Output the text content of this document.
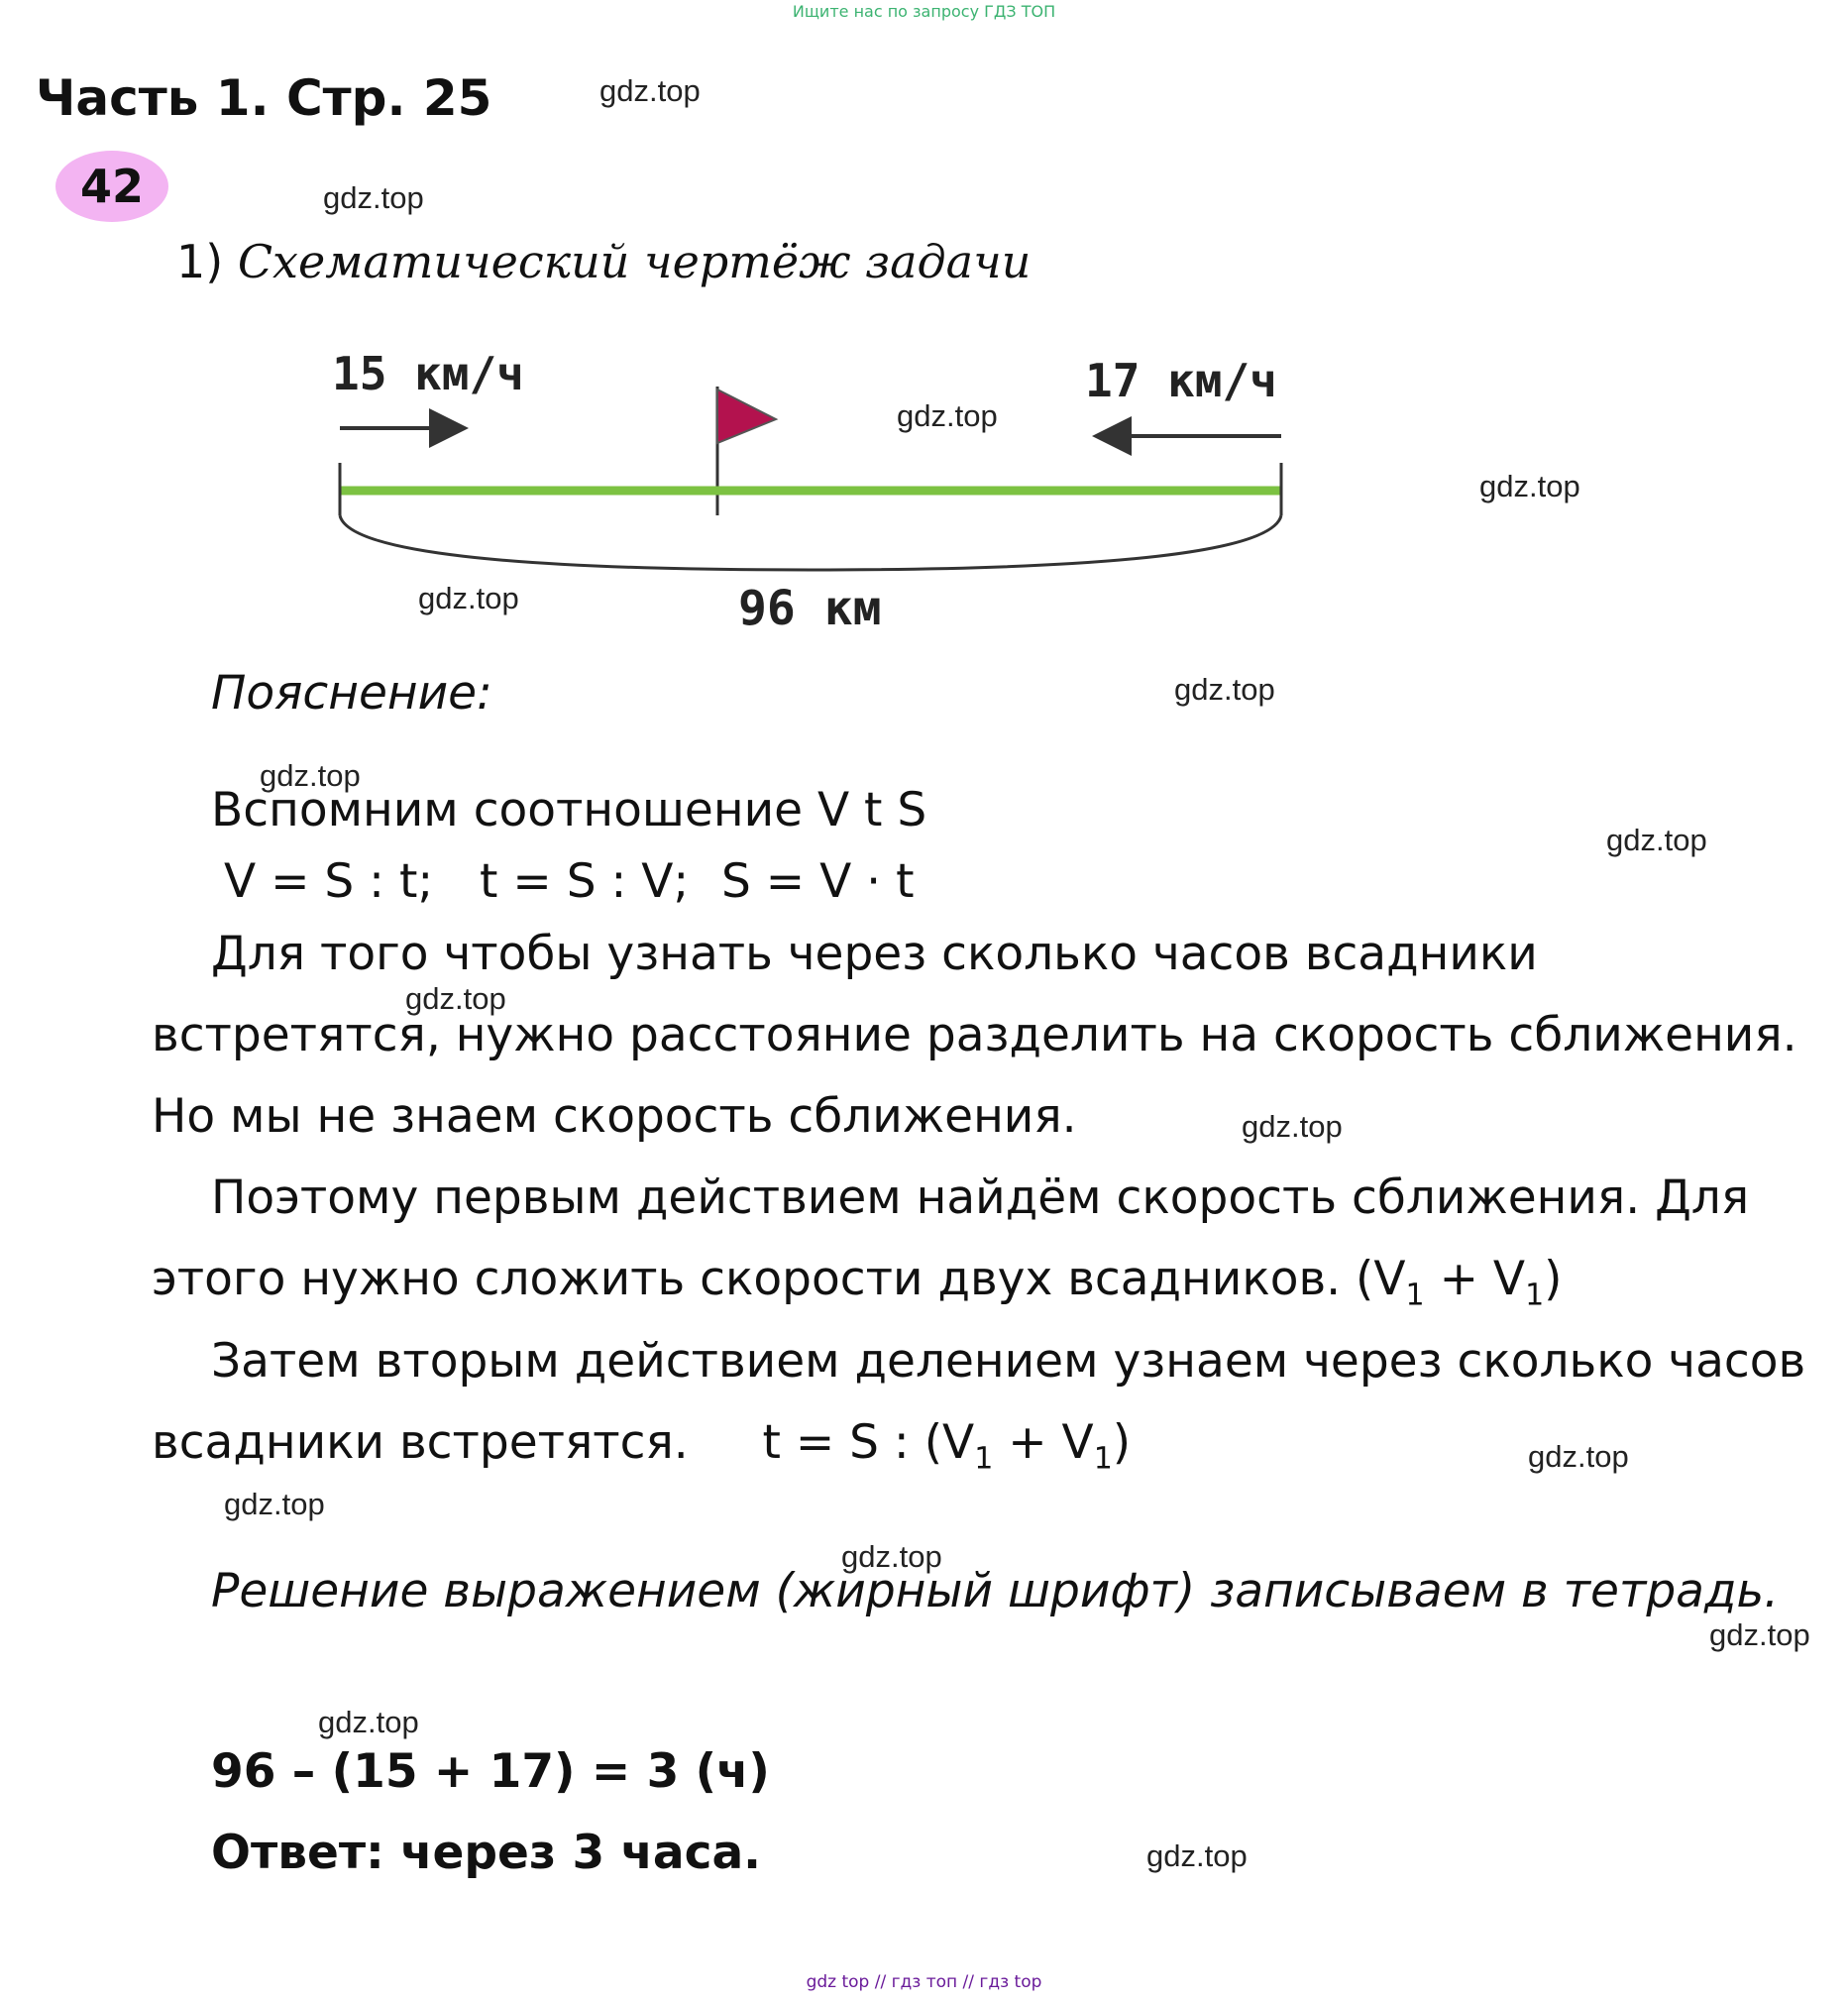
Ищите нас по запросу ГДЗ ТОП
Часть 1. Стр. 25
42
1) Схематический чертёж задачи
15 км/ч	17 км/ч
96 км
Пояснение:
Вспомним соотношение V t S
V = S : t; t = S : V; S = V · t
Для того чтобы узнать через сколько часов всадники встретятся, нужно расстояние разделить на скорость сближения. Но мы не знаем скорость сближения.
Поэтому первым действием найдём скорость сближения. Для этого нужно сложить скорости двух всадников. $(V_1 + V_1)$
Затем вторым действием делением узнаем через сколько часов всадники встретятся. t = S : $(V_1 + V_1)$
Решение выражением (жирный шрифт) записываем в тетрадь.
96 – (15 + 17) = 3 (ч)
Ответ: через 3 часа.
gdz.top
gdz.top
gdz.top
gdz.top
gdz.top
gdz.top
gdz.top
gdz.top
gdz.top
gdz.top
gdz.top
gdz.top
gdz.top
gdz.top
gdz.top
gdz.top
gdz top // гдз топ // гдз top
